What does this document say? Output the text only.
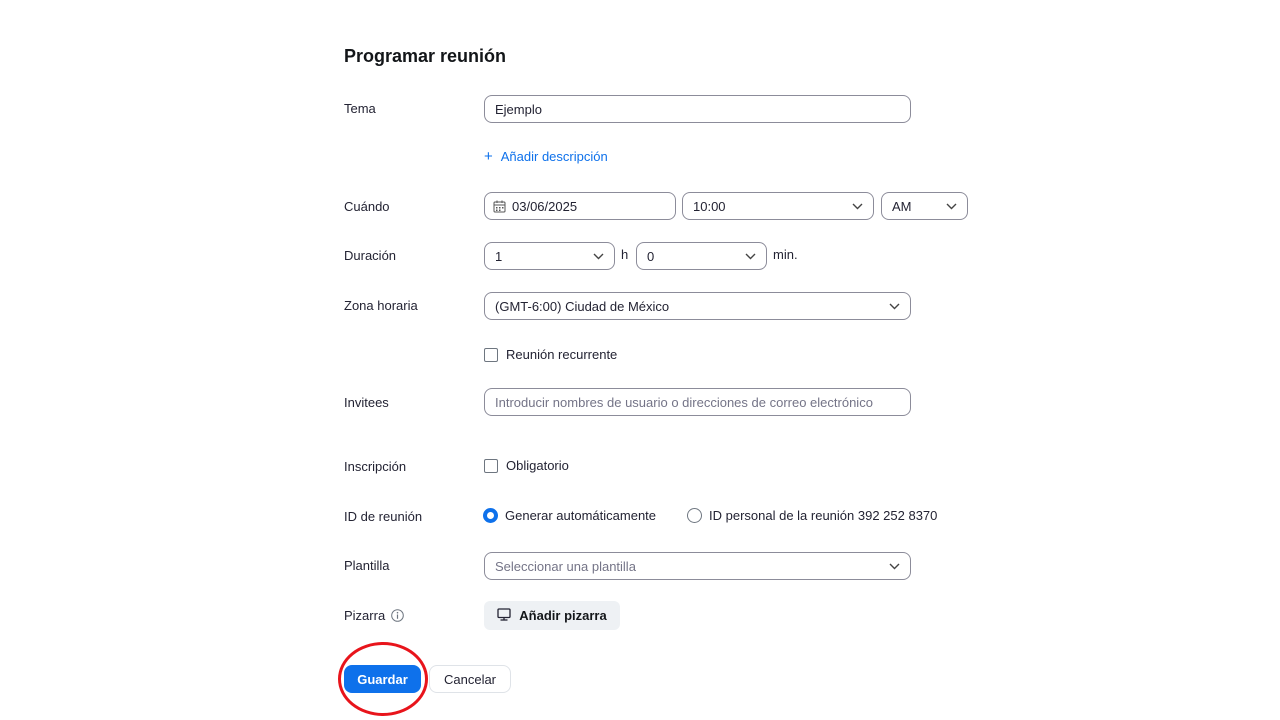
Programar reunión
Tema	Ejemplo
+ Añadir descripción
Cuándo	03/06/2025	10:00	AM
Duración	1	h 0	min.
Zona horaria	(GMT-6:00) Ciudad de México
Reunión recurrente
Invitees	Introducir nombres de usuario o direcciones de correo electrónico
Inscripción	Obligatorio
ID de reunión	Generar automáticamente	ID personal de la reunión 392 252 8370
Plantilla	Seleccionar una plantilla
Pizarra	Añadir pizarra
Guardar	Cancelar
